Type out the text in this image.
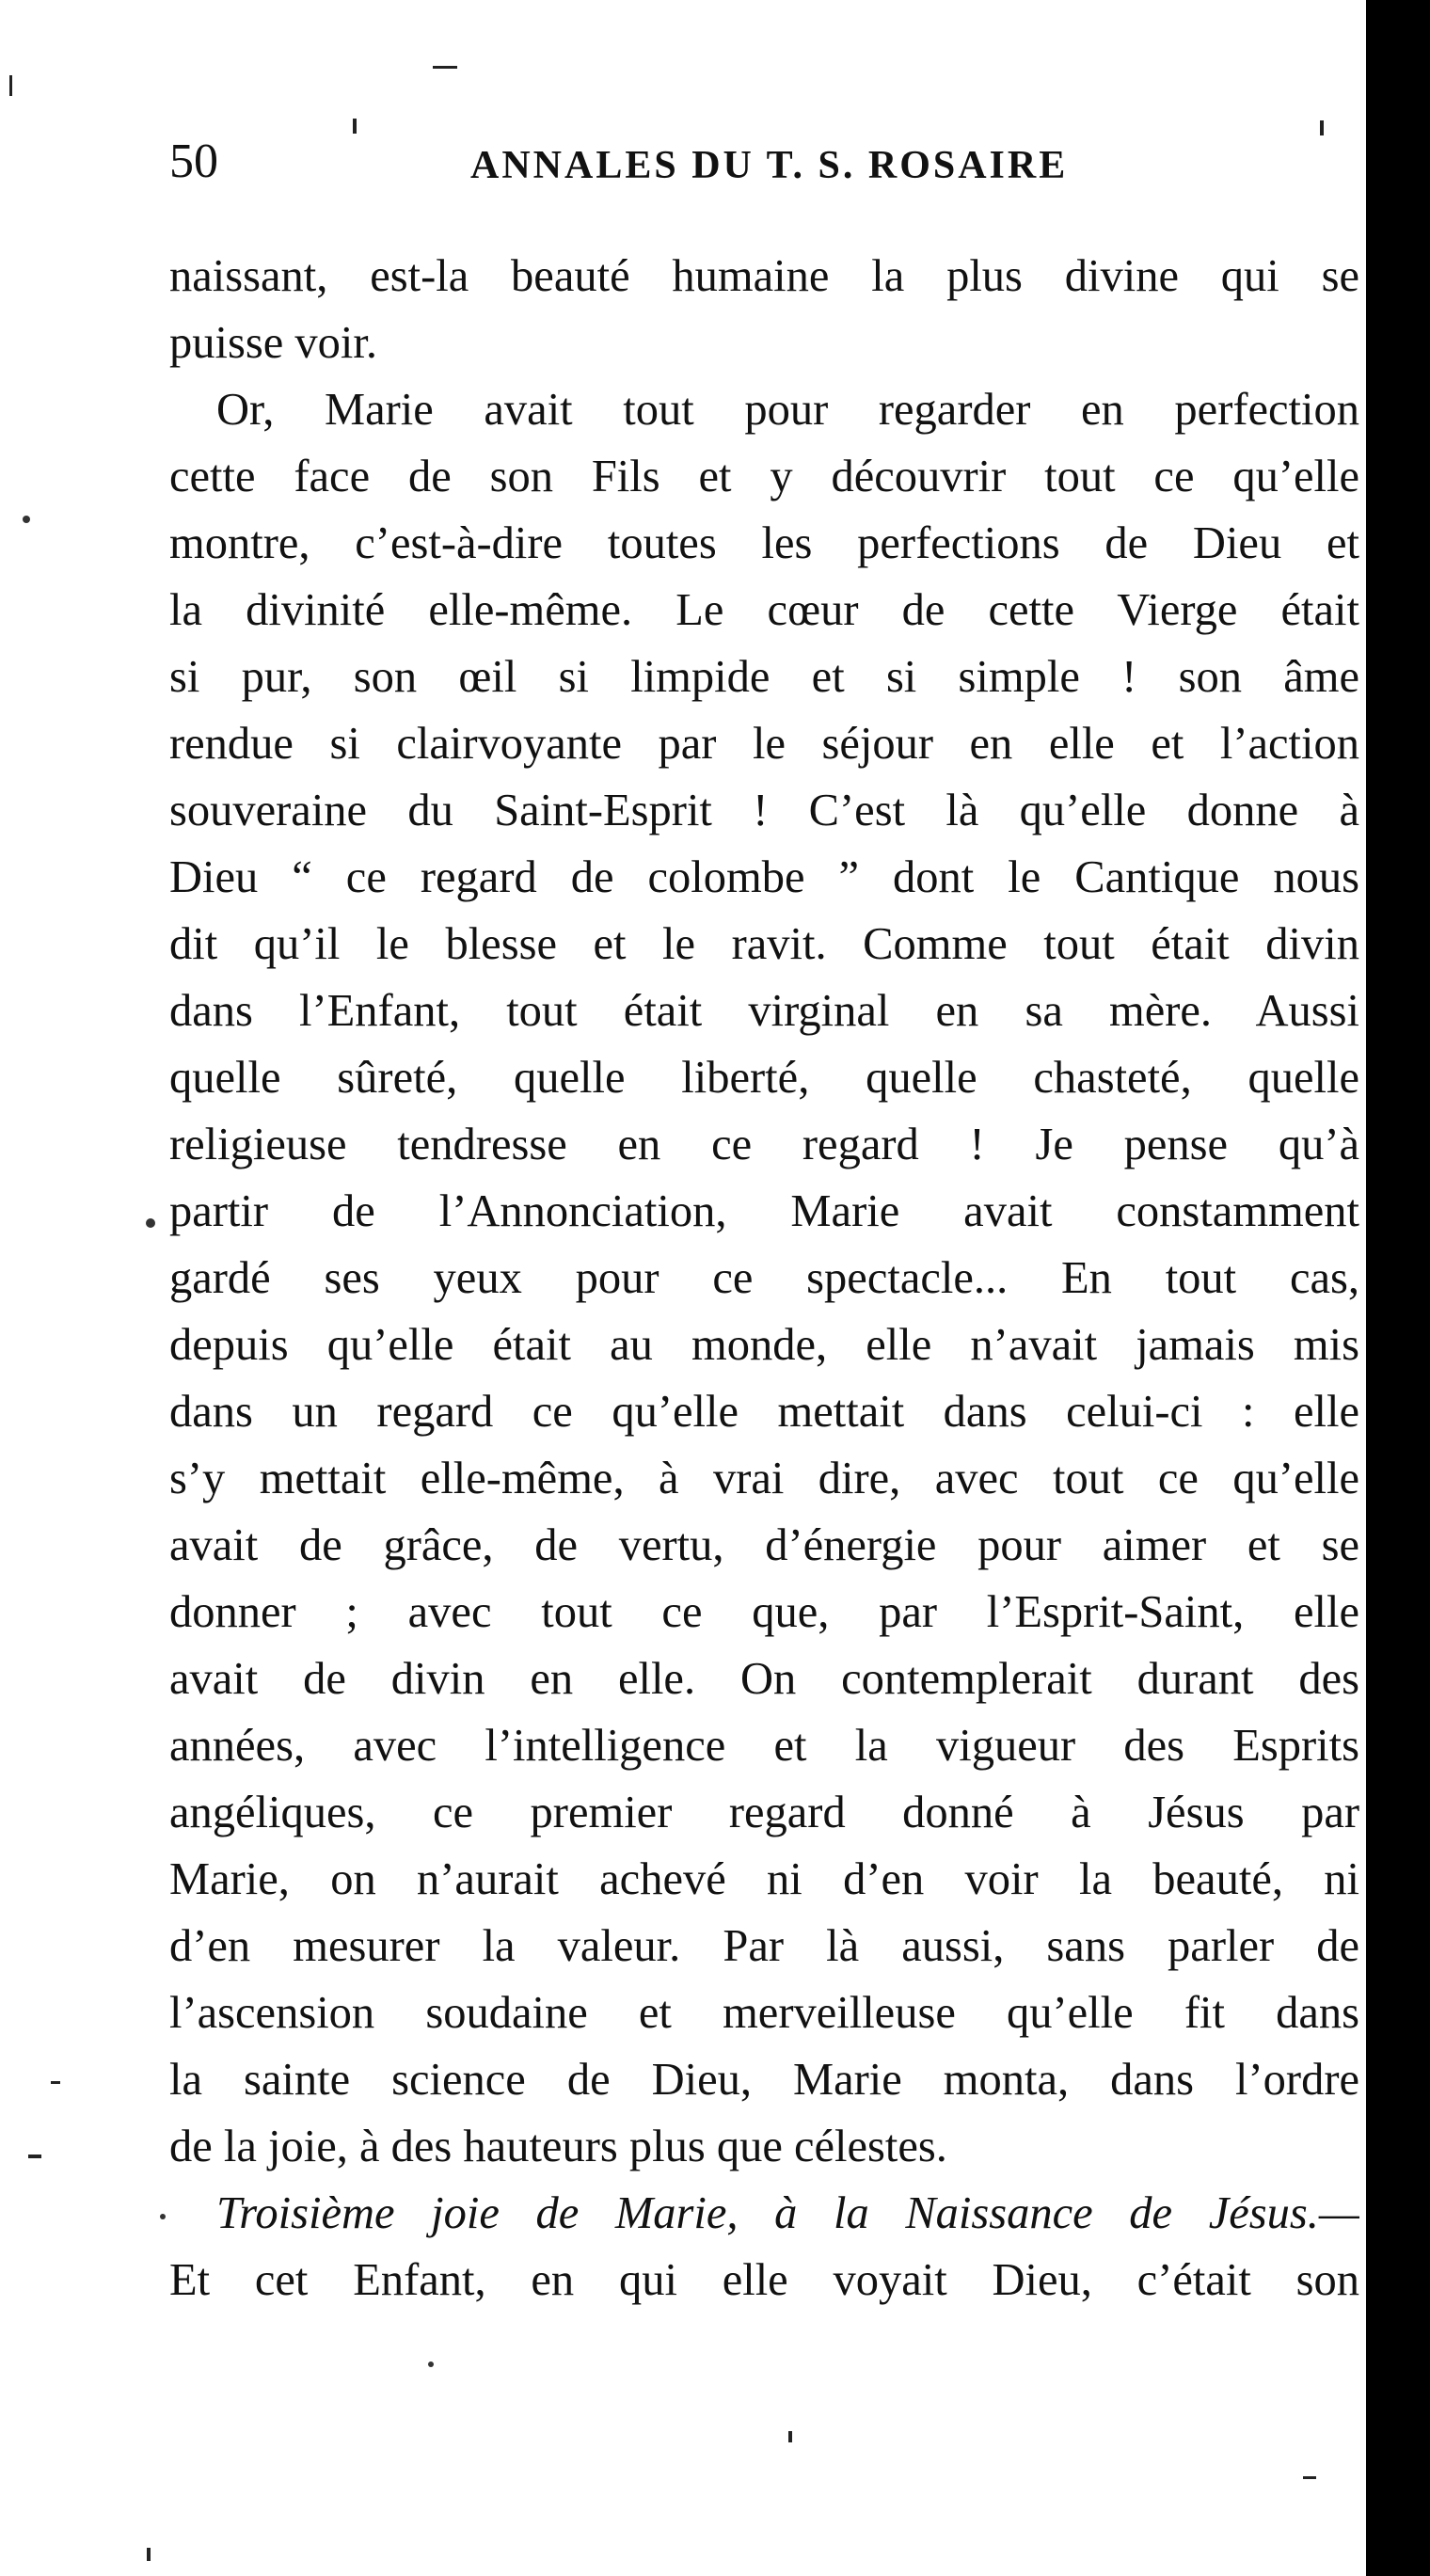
50	ANNALES DU T. S. ROSAIRE
naissant, est-la beauté humaine la plus divine qui se
puisse voir.
Or, Marie avait tout pour regarder en perfection
cette face de son Fils et y découvrir tout ce qu’elle
montre, c’est-à-dire toutes les perfections de Dieu et
la divinité elle-même. Le cœur de cette Vierge était
si pur, son œil si limpide et si simple ! son âme
rendue si clairvoyante par le séjour en elle et l’action
souveraine du Saint-Esprit ! C’est là qu’elle donne à
Dieu “ ce regard de colombe ” dont le Cantique nous
dit qu’il le blesse et le ravit. Comme tout était divin
dans l’Enfant, tout était virginal en sa mère. Aussi
quelle sûreté, quelle liberté, quelle chasteté, quelle
religieuse tendresse en ce regard ! Je pense qu’à
partir de l’Annonciation, Marie avait constamment
gardé ses yeux pour ce spectacle... En tout cas,
depuis qu’elle était au monde, elle n’avait jamais mis
dans un regard ce qu’elle mettait dans celui-ci : elle
s’y mettait elle-même, à vrai dire, avec tout ce qu’elle
avait de grâce, de vertu, d’énergie pour aimer et se
donner ; avec tout ce que, par l’Esprit-Saint, elle
avait de divin en elle. On contemplerait durant des
années, avec l’intelligence et la vigueur des Esprits
angéliques, ce premier regard donné à Jésus par
Marie, on n’aurait achevé ni d’en voir la beauté, ni
d’en mesurer la valeur. Par là aussi, sans parler de
l’ascension soudaine et merveilleuse qu’elle fit dans
la sainte science de Dieu, Marie monta, dans l’ordre
de la joie, à des hauteurs plus que célestes.
Troisième joie de Marie, à la Naissance de Jésus.—
Et cet Enfant, en qui elle voyait Dieu, c’était son
